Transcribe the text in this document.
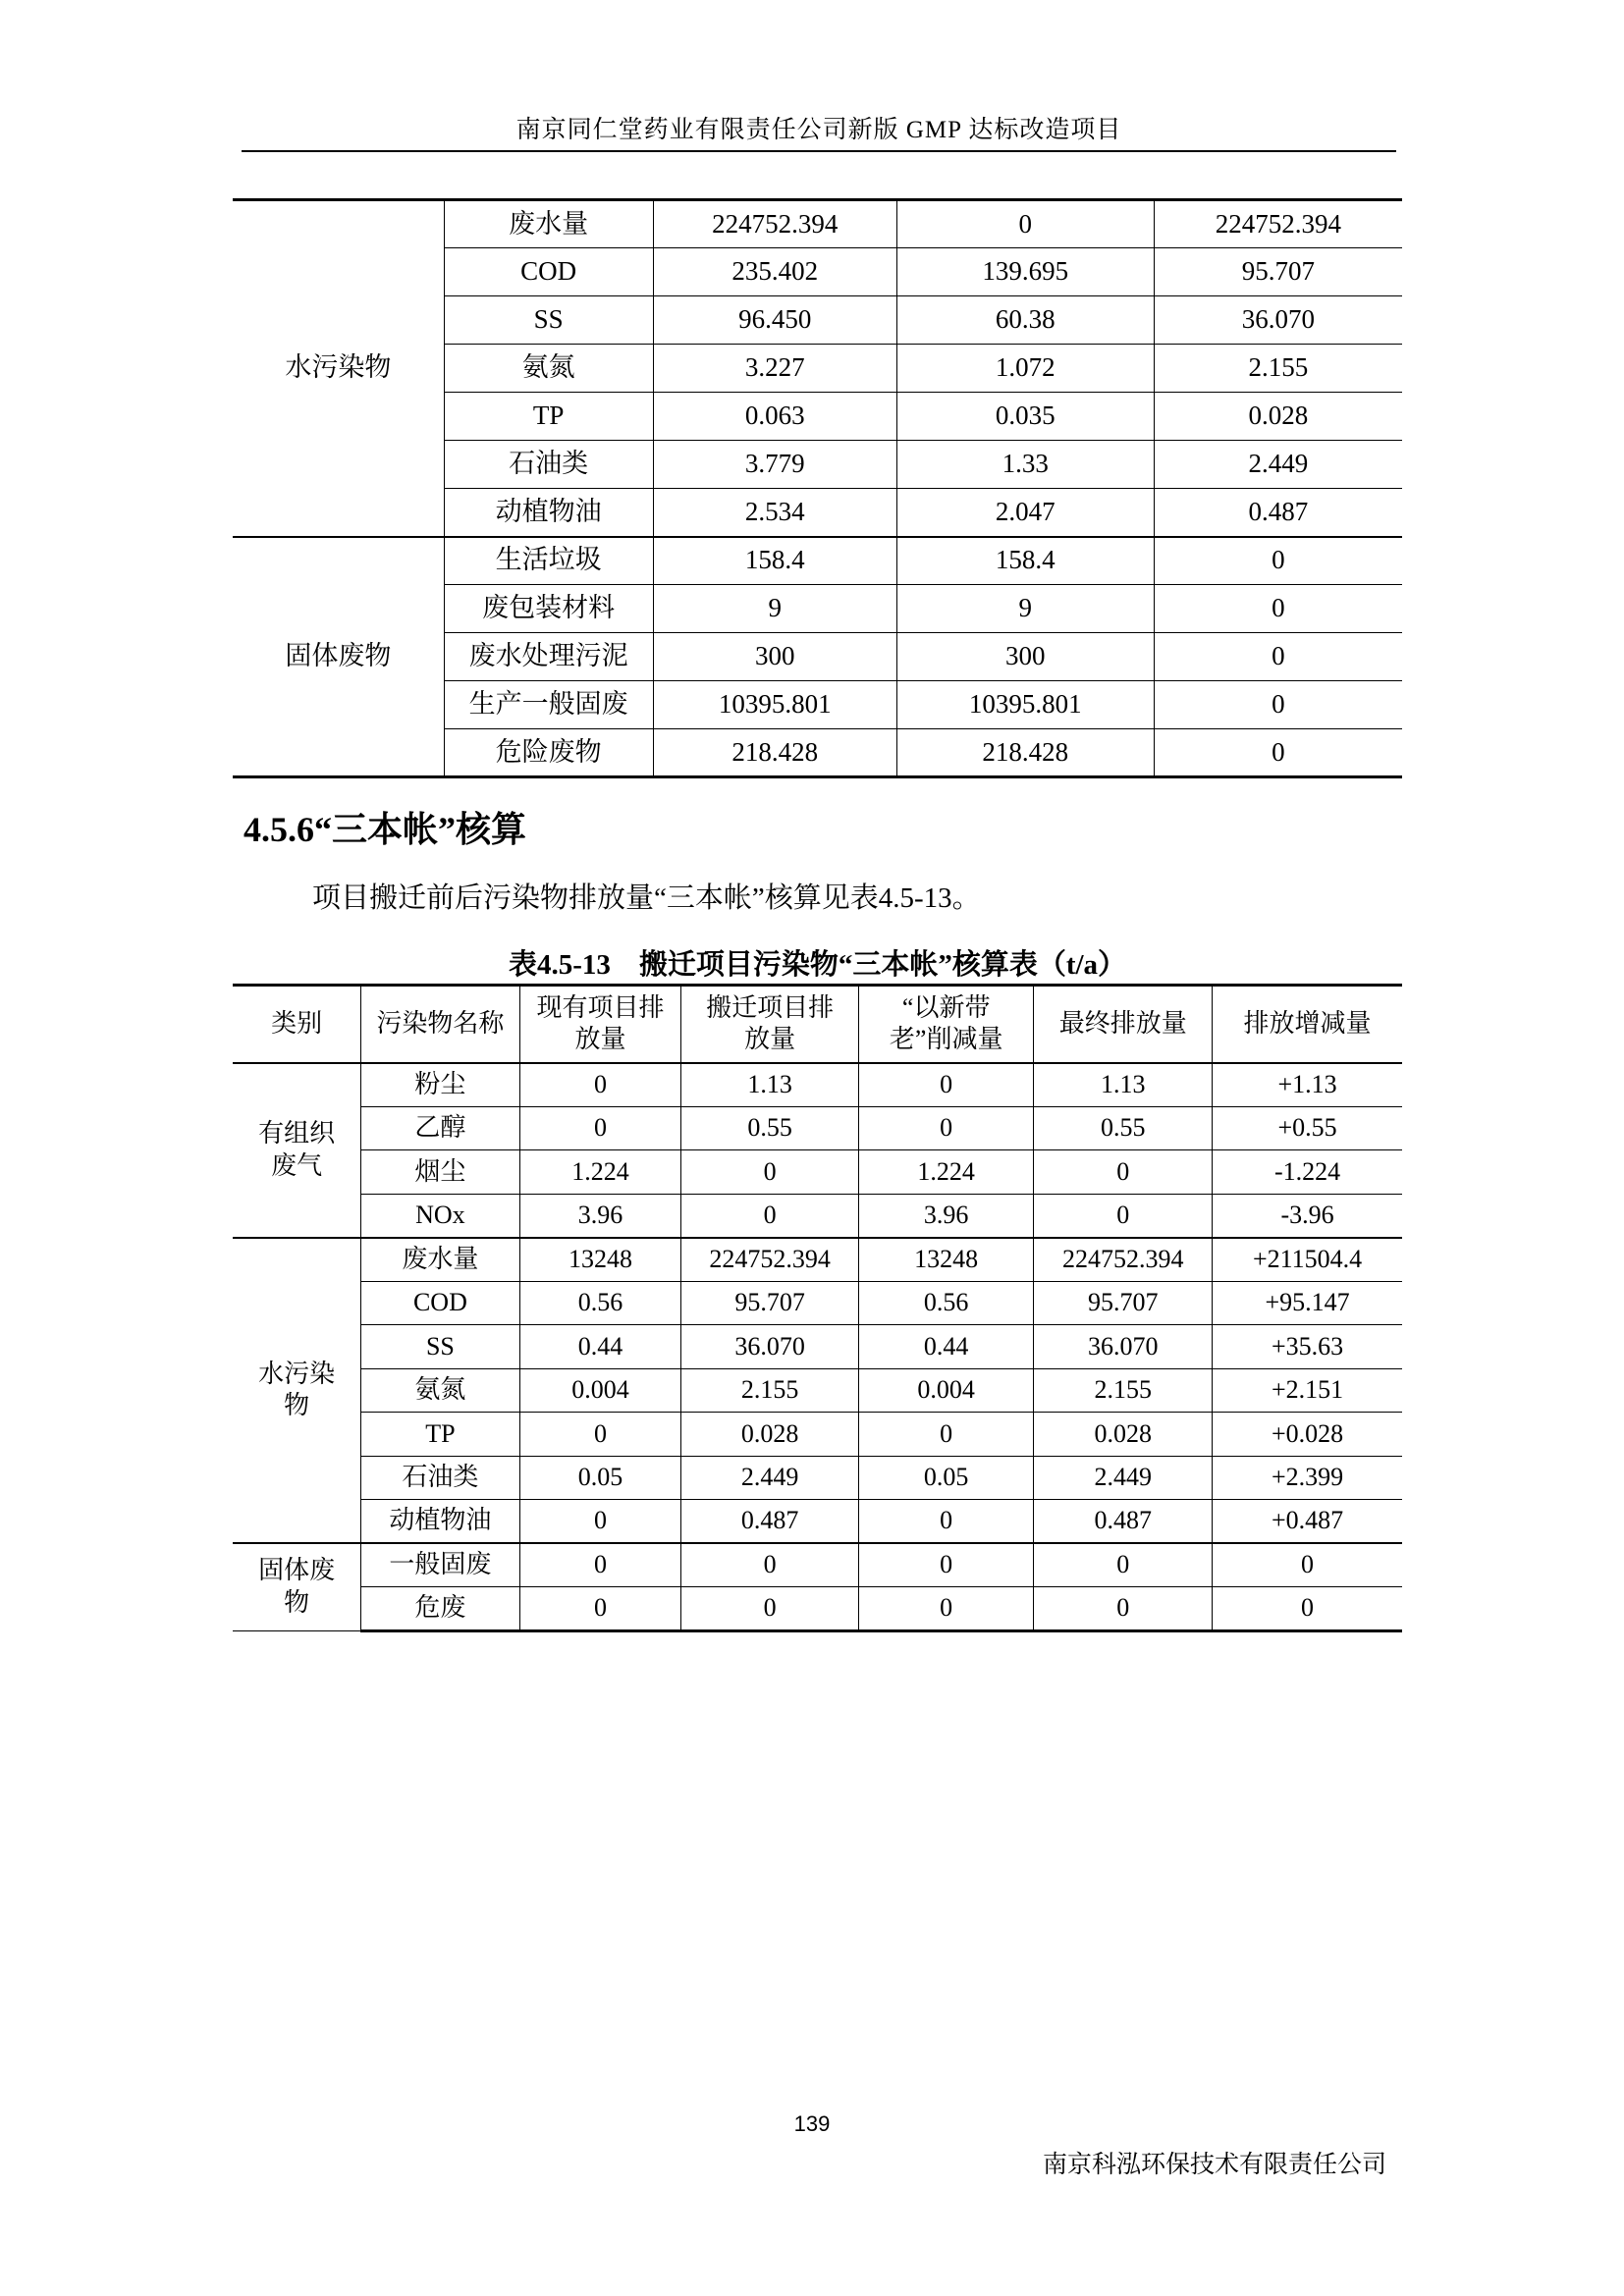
南京同仁堂药业有限责任公司新版 GMP 达标改造项目
水污染物	废水量	224752.394	0	224752.394
	COD	235.402	139.695	95.707
	SS	96.450	60.38	36.070
	氨氮	3.227	1.072	2.155
	TP	0.063	0.035	0.028
	石油类	3.779	1.33	2.449
	动植物油	2.534	2.047	0.487
固体废物	生活垃圾	158.4	158.4	0
	废包装材料	9	9	0
	废水处理污泥	300	300	0
	生产一般固废	10395.801	10395.801	0
	危险废物	218.428	218.428	0
4.5.6“三本帐”核算
项目搬迁前后污染物排放量“三本帐”核算见表4.5-13。
表4.5-13　搬迁项目污染物“三本帐”核算表（t/a）
类别	污染物名称	现有项目排放量	搬迁项目排放量	“以新带老”削减量	最终排放量	排放增减量
有组织废气	粉尘	0	1.13	0	1.13	+1.13
	乙醇	0	0.55	0	0.55	+0.55
	烟尘	1.224	0	1.224	0	-1.224
	NOx	3.96	0	3.96	0	-3.96
水污染物	废水量	13248	224752.394	13248	224752.394	+211504.4
	COD	0.56	95.707	0.56	95.707	+95.147
	SS	0.44	36.070	0.44	36.070	+35.63
	氨氮	0.004	2.155	0.004	2.155	+2.151
	TP	0	0.028	0	0.028	+0.028
	石油类	0.05	2.449	0.05	2.449	+2.399
	动植物油	0	0.487	0	0.487	+0.487
固体废物	一般固废	0	0	0	0	0
	危废	0	0	0	0	0
139
南京科泓环保技术有限责任公司
